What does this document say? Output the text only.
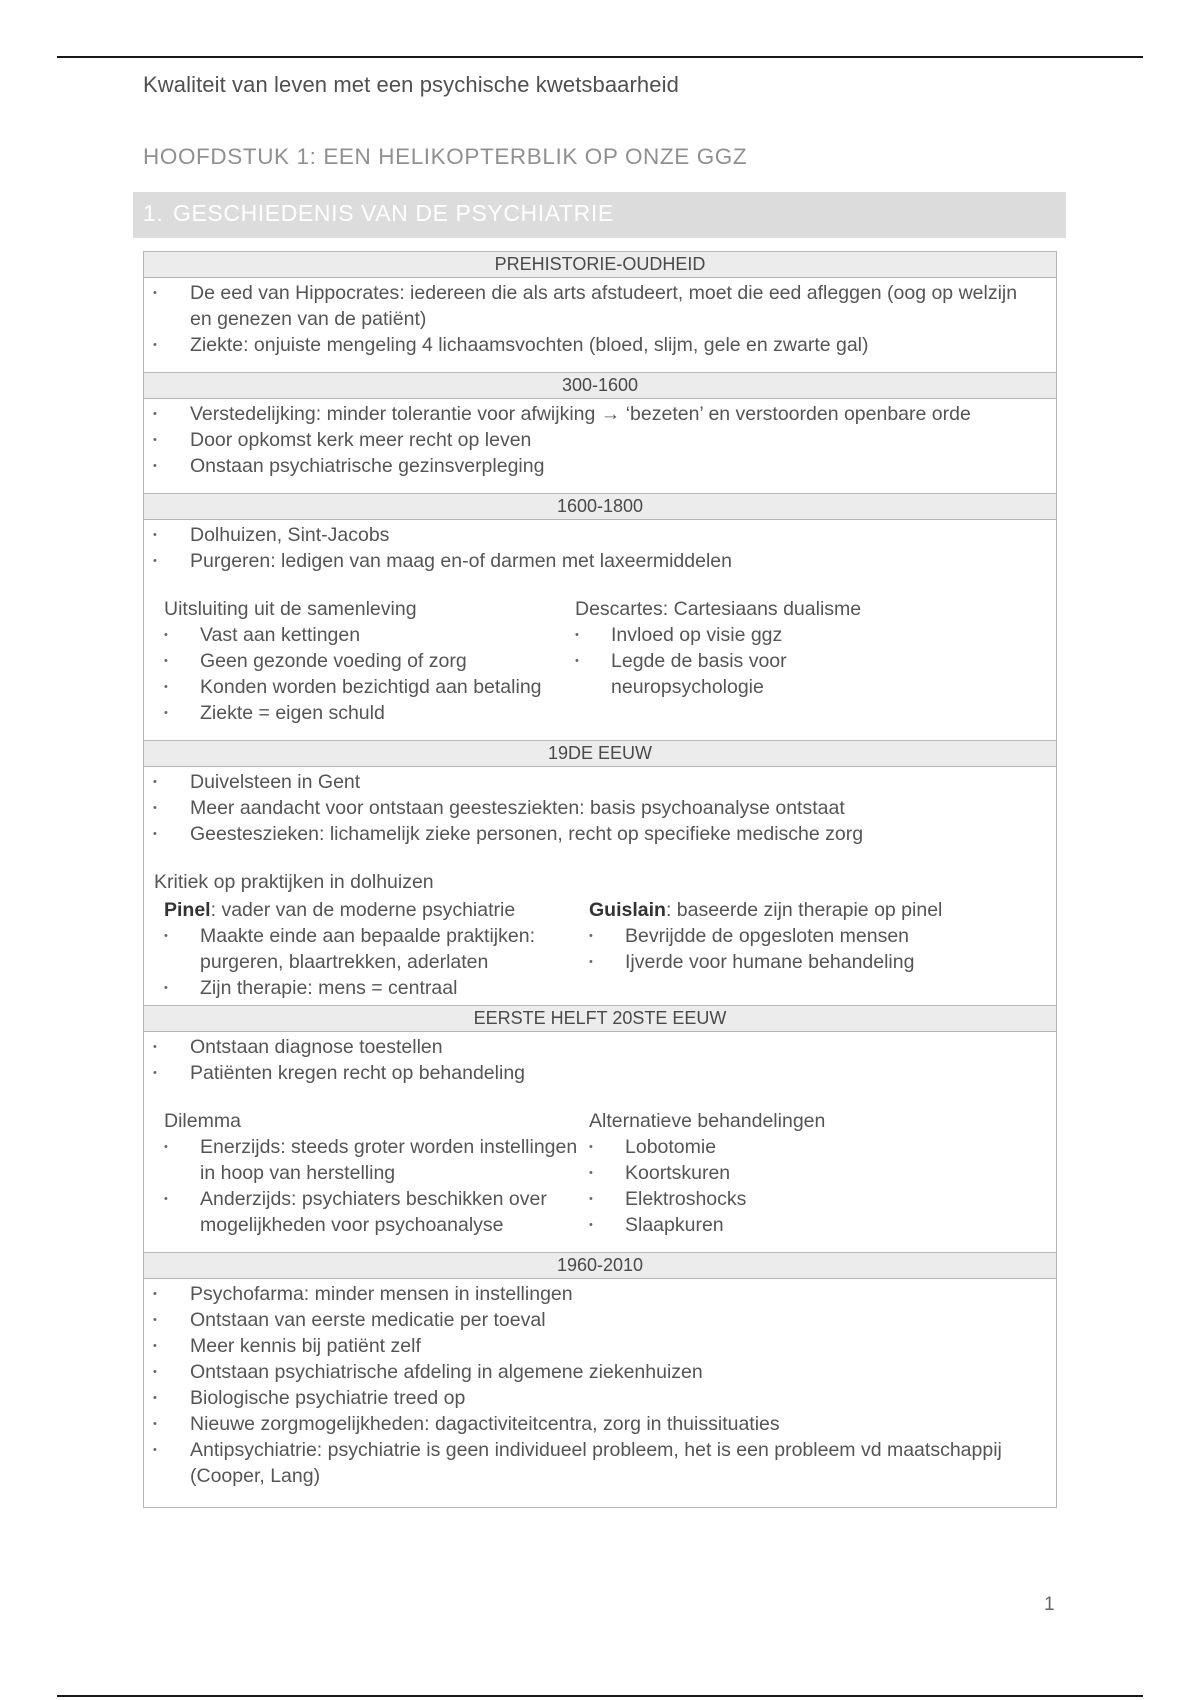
Kwaliteit van leven met een psychische kwetsbaarheid
HOOFDSTUK 1: EEN HELIKOPTERBLIK OP ONZE GGZ
1. GESCHIEDENIS VAN DE PSYCHIATRIE
PREHISTORIE-OUDHEID
• De eed van Hippocrates: iedereen die als arts afstudeert, moet die eed afleggen (oog op welzijn en genezen van de patiënt)
• Ziekte: onjuiste mengeling 4 lichaamsvochten (bloed, slijm, gele en zwarte gal)
300-1600
• Verstedelijking: minder tolerantie voor afwijking → ‘bezeten’ en verstoorden openbare orde
• Door opkomst kerk meer recht op leven
• Onstaan psychiatrische gezinsverpleging
1600-1800
• Dolhuizen, Sint-Jacobs
• Purgeren: ledigen van maag en-of darmen met laxeermiddelen
Uitsluiting uit de samenleving
• Vast aan kettingen
• Geen gezonde voeding of zorg
• Konden worden bezichtigd aan betaling
• Ziekte = eigen schuld
Descartes: Cartesiaans dualisme
• Invloed op visie ggz
• Legde de basis voor neuropsychologie
19DE EEUW
• Duivelsteen in Gent
• Meer aandacht voor ontstaan geestesziekten: basis psychoanalyse ontstaat
• Geesteszieken: lichamelijk zieke personen, recht op specifieke medische zorg
Kritiek op praktijken in dolhuizen
Pinel: vader van de moderne psychiatrie
• Maakte einde aan bepaalde praktijken: purgeren, blaartrekken, aderlaten
• Zijn therapie: mens = centraal
Guislain: baseerde zijn therapie op pinel
• Bevrijdde de opgesloten mensen
• Ijverde voor humane behandeling
EERSTE HELFT 20STE EEUW
• Ontstaan diagnose toestellen
• Patiënten kregen recht op behandeling
Dilemma
• Enerzijds: steeds groter worden instellingen in hoop van herstelling
• Anderzijds: psychiaters beschikken over mogelijkheden voor psychoanalyse
Alternatieve behandelingen
• Lobotomie
• Koortskuren
• Elektroshocks
• Slaapkuren
1960-2010
• Psychofarma: minder mensen in instellingen
• Ontstaan van eerste medicatie per toeval
• Meer kennis bij patiënt zelf
• Ontstaan psychiatrische afdeling in algemene ziekenhuizen
• Biologische psychiatrie treed op
• Nieuwe zorgmogelijkheden: dagactiviteitcentra, zorg in thuissituaties
• Antipsychiatrie: psychiatrie is geen individueel probleem, het is een probleem vd maatschappij (Cooper, Lang)
1
